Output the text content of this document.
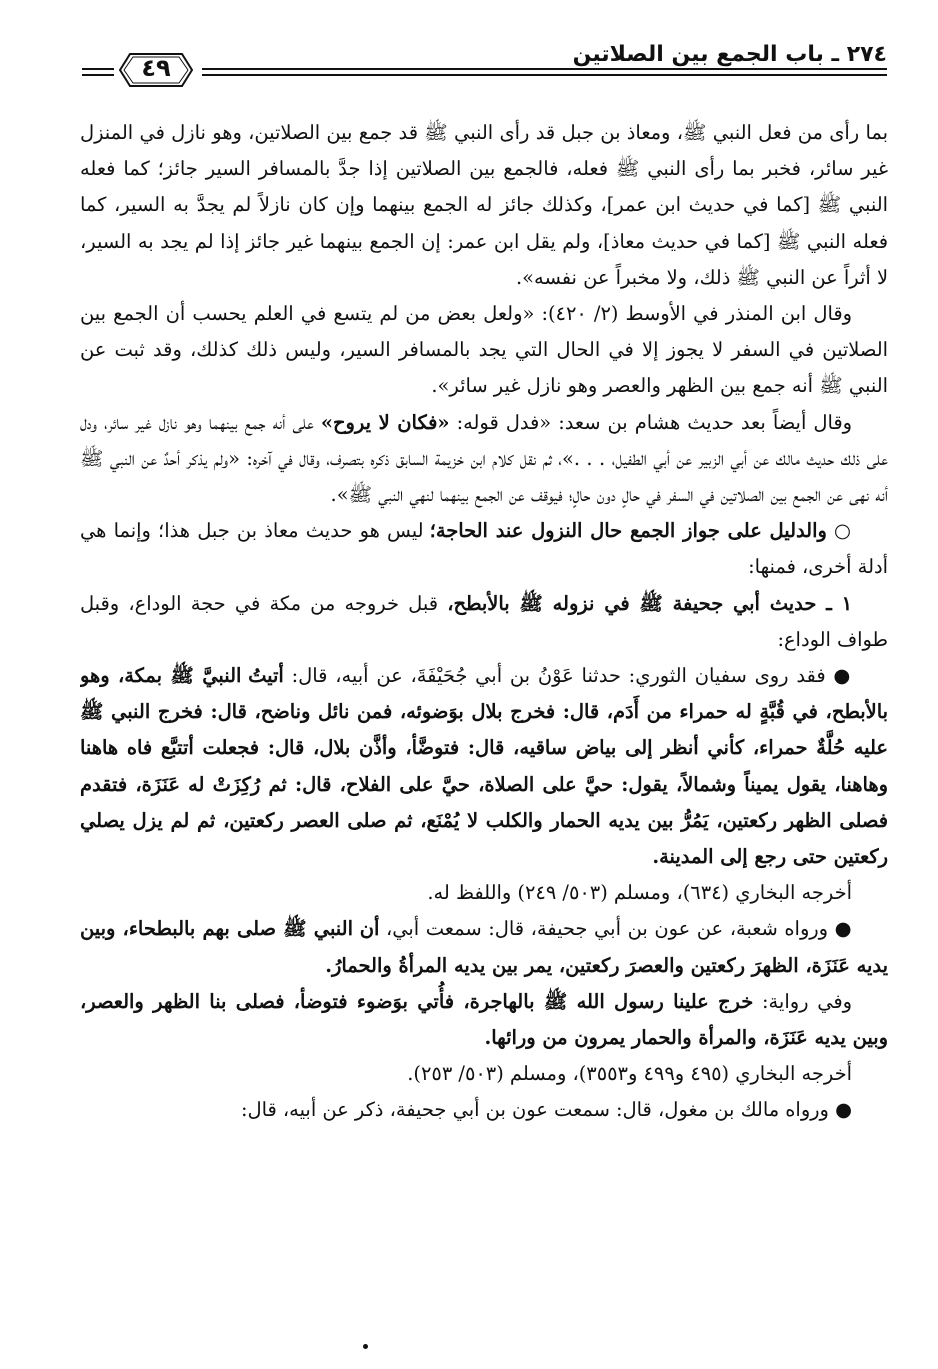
٢٧٤ ـ باب الجمع بين الصلاتين
٤٩

بما رأى من فعل النبي ﷺ، ومعاذ بن جبل قد رأى النبي ﷺ قد جمع بين الصلاتين، وهو نازل في المنزل غير سائر، فخبر بما رأى النبي ﷺ فعله، فالجمع بين الصلاتين إذا جدَّ بالمسافر السير جائز؛ كما فعله النبي ﷺ [كما في حديث ابن عمر]، وكذلك جائز له الجمع بينهما وإن كان نازلاً لم يجدَّ به السير، كما فعله النبي ﷺ [كما في حديث معاذ]، ولم يقل ابن عمر: إن الجمع بينهما غير جائز إذا لم يجد به السير، لا أثراً عن النبي ﷺ ذلك، ولا مخبراً عن نفسه».

وقال ابن المنذر في الأوسط (٢/ ٤٢٠): «ولعل بعض من لم يتسع في العلم يحسب أن الجمع بين الصلاتين في السفر لا يجوز إلا في الحال التي يجد بالمسافر السير، وليس ذلك كذلك، وقد ثبت عن النبي ﷺ أنه جمع بين الظهر والعصر وهو نازل غير سائر».

وقال أيضاً بعد حديث هشام بن سعد: «فدل قوله: «فكان لا يروح» على أنه جمع بينهما وهو نازل غير سائر، ودل على ذلك حديث مالك عن أبي الزبير عن أبي الطفيل، . . .»، ثم نقل كلام ابن خزيمة السابق ذكره بتصرف، وقال في آخره: «ولم يذكر أحدٌ عن النبي ﷺ أنه نهى عن الجمع بين الصلاتين في السفر في حالٍ دون حالٍ؛ فيوقف عن الجمع بينهما لنهي النبي ﷺ».

○ والدليل على جواز الجمع حال النزول عند الحاجة؛ ليس هو حديث معاذ بن جبل هذا؛ وإنما هي أدلة أخرى، فمنها:

١ ـ حديث أبي جحيفة ﷺ في نزوله ﷺ بالأبطح، قبل خروجه من مكة في حجة الوداع، وقبل طواف الوداع:

● فقد روى سفيان الثوري: حدثنا عَوْنُ بن أبي جُحَيْفَةَ، عن أبيه، قال: أتيتُ النبيَّ ﷺ بمكة، وهو بالأبطح، في قُبَّةٍ له حمراء من أَدَم، قال: فخرج بلال بوَضوئه، فمن نائل وناضح، قال: فخرج النبي ﷺ عليه حُلَّةٌ حمراء، كأني أنظر إلى بياض ساقيه، قال: فتوضَّأ، وأذَّن بلال، قال: فجعلت أتتبَّع فاه هاهنا وهاهنا، يقول يميناً وشمالاً، يقول: حيَّ على الصلاة، حيَّ على الفلاح، قال: ثم رُكِزَتْ له عَنَزَة، فتقدم فصلى الظهر ركعتين، يَمُرُّ بين يديه الحمار والكلب لا يُمْنَع، ثم صلى العصر ركعتين، ثم لم يزل يصلي ركعتين حتى رجع إلى المدينة.

أخرجه البخاري (٦٣٤)، ومسلم (٥٠٣/ ٢٤٩) واللفظ له.

● ورواه شعبة، عن عون بن أبي جحيفة، قال: سمعت أبي، أن النبي ﷺ صلى بهم بالبطحاء، وبين يديه عَنَزَة، الظهرَ ركعتين والعصرَ ركعتين، يمر بين يديه المرأةُ والحمارُ.

وفي رواية: خرج علينا رسول الله ﷺ بالهاجرة، فأُتي بوَضوء فتوضأ، فصلى بنا الظهر والعصر، وبين يديه عَنَزَة، والمرأة والحمار يمرون من ورائها.

أخرجه البخاري (٤٩٥ و٤٩٩ و٣٥٥٣)، ومسلم (٥٠٣/ ٢٥٣).

● ورواه مالك بن مغول، قال: سمعت عون بن أبي جحيفة، ذكر عن أبيه، قال:
